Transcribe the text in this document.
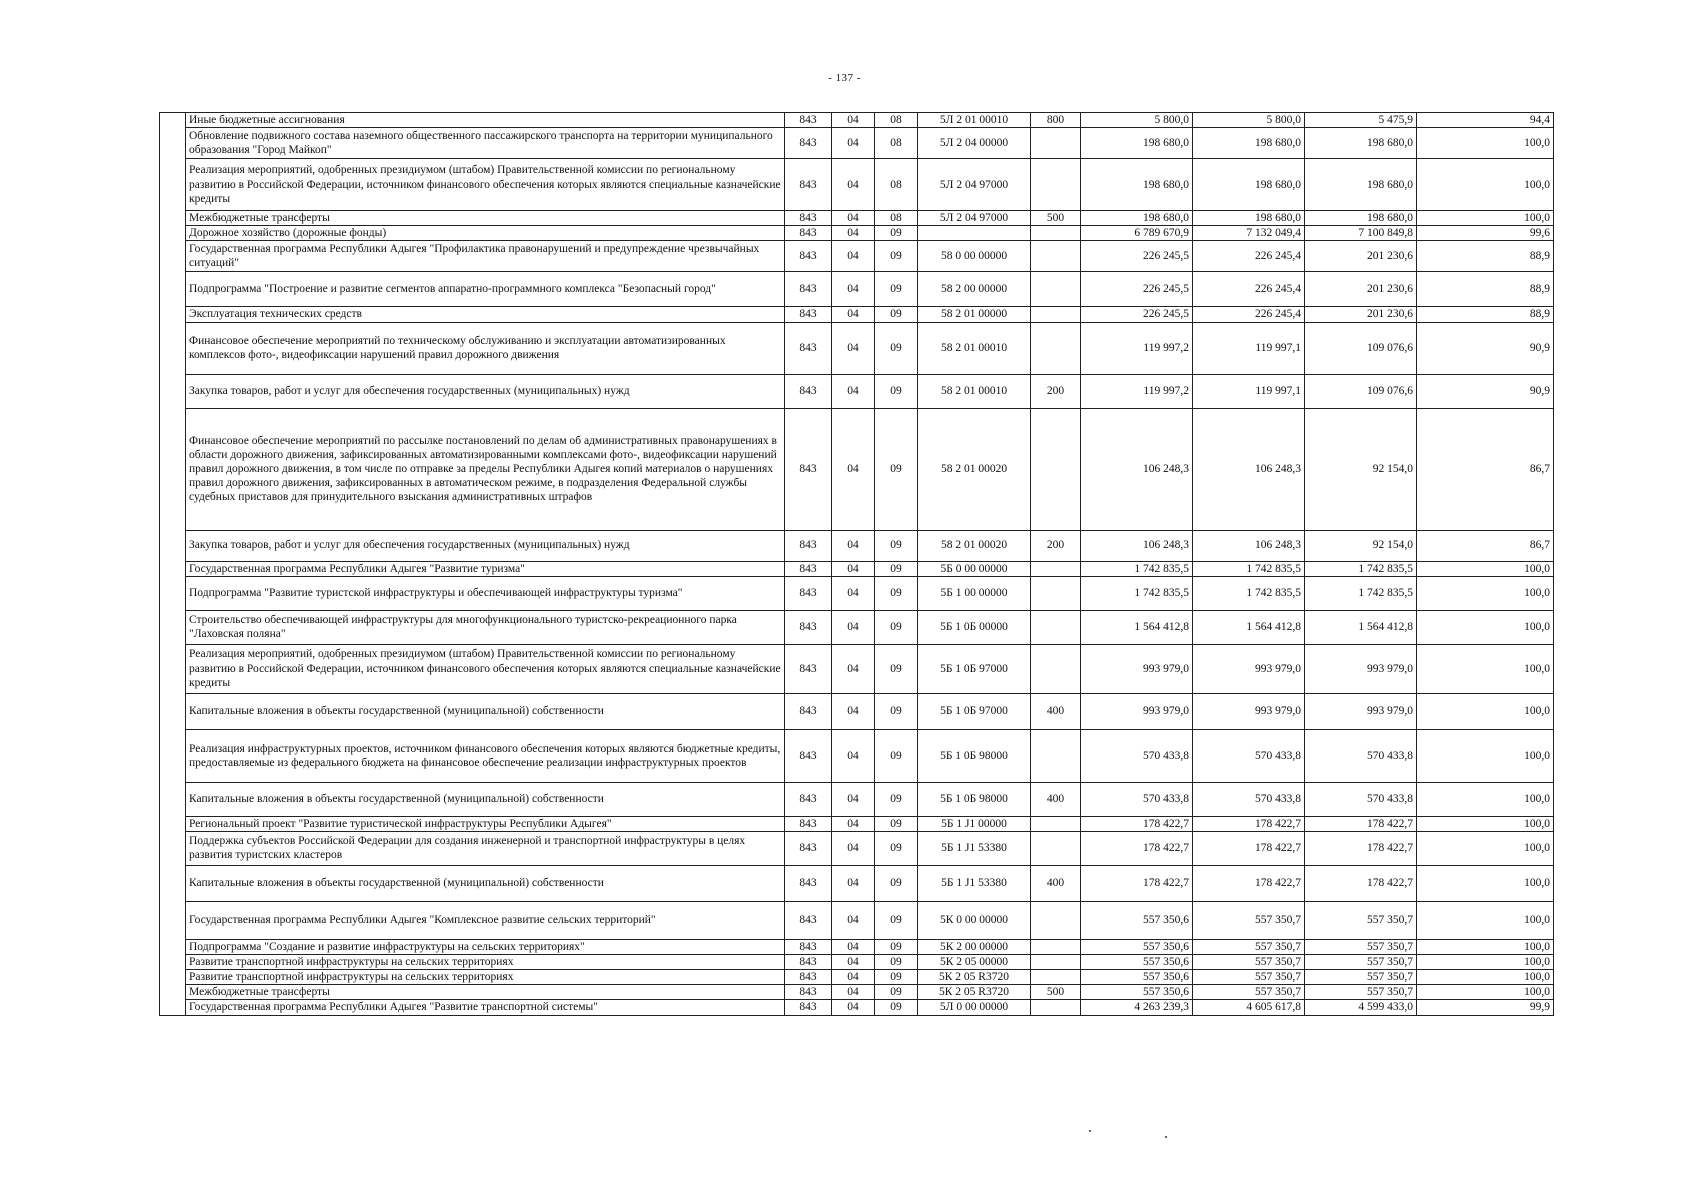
- 137 -
	Иные бюджетные ассигнования	843	04	08	5Л 2 01 00010	800	5 800,0	5 800,0	5 475,9	94,4
	Обновление подвижного состава наземного общественного пассажирского транспорта на территории муниципального образования "Город Майкоп"	843	04	08	5Л 2 04 00000		198 680,0	198 680,0	198 680,0	100,0
	Реализация мероприятий, одобренных президиумом (штабом) Правительственной комиссии по региональному развитию в Российской Федерации, источником финансового обеспечения которых являются специальные казначейские кредиты	843	04	08	5Л 2 04 97000		198 680,0	198 680,0	198 680,0	100,0
	Межбюджетные трансферты	843	04	08	5Л 2 04 97000	500	198 680,0	198 680,0	198 680,0	100,0
	Дорожное хозяйство (дорожные фонды)	843	04	09			6 789 670,9	7 132 049,4	7 100 849,8	99,6
	Государственная программа Республики Адыгея "Профилактика правонарушений и предупреждение чрезвычайных ситуаций"	843	04	09	58 0 00 00000		226 245,5	226 245,4	201 230,6	88,9
	Подпрограмма "Построение и развитие сегментов аппаратно-программного комплекса "Безопасный город"	843	04	09	58 2 00 00000		226 245,5	226 245,4	201 230,6	88,9
	Эксплуатация технических средств	843	04	09	58 2 01 00000		226 245,5	226 245,4	201 230,6	88,9
	Финансовое обеспечение мероприятий по техническому обслуживанию и эксплуатации автоматизированных комплексов фото-, видеофиксации нарушений правил дорожного движения	843	04	09	58 2 01 00010		119 997,2	119 997,1	109 076,6	90,9
	Закупка товаров, работ и услуг для обеспечения государственных (муниципальных) нужд	843	04	09	58 2 01 00010	200	119 997,2	119 997,1	109 076,6	90,9
	Финансовое обеспечение мероприятий по рассылке постановлений по делам об административных правонарушениях в области дорожного движения, зафиксированных автоматизированными комплексами фото-, видеофиксации нарушений правил дорожного движения, в том числе по отправке за пределы Республики Адыгея копий материалов о нарушениях правил дорожного движения, зафиксированных в автоматическом режиме, в подразделения Федеральной службы судебных приставов для принудительного взыскания административных штрафов	843	04	09	58 2 01 00020		106 248,3	106 248,3	92 154,0	86,7
	Закупка товаров, работ и услуг для обеспечения государственных (муниципальных) нужд	843	04	09	58 2 01 00020	200	106 248,3	106 248,3	92 154,0	86,7
	Государственная программа Республики Адыгея "Развитие туризма"	843	04	09	5Б 0 00 00000		1 742 835,5	1 742 835,5	1 742 835,5	100,0
	Подпрограмма "Развитие туристской инфраструктуры и обеспечивающей инфраструктуры туризма"	843	04	09	5Б 1 00 00000		1 742 835,5	1 742 835,5	1 742 835,5	100,0
	Строительство обеспечивающей инфраструктуры для многофункционального туристско-рекреационного парка "Лаховская поляна"	843	04	09	5Б 1 0Б 00000		1 564 412,8	1 564 412,8	1 564 412,8	100,0
	Реализация мероприятий, одобренных президиумом (штабом) Правительственной комиссии по региональному развитию в Российской Федерации, источником финансового обеспечения которых являются специальные казначейские кредиты	843	04	09	5Б 1 0Б 97000		993 979,0	993 979,0	993 979,0	100,0
	Капитальные вложения в объекты государственной (муниципальной) собственности	843	04	09	5Б 1 0Б 97000	400	993 979,0	993 979,0	993 979,0	100,0
	Реализация инфраструктурных проектов, источником финансового обеспечения которых являются бюджетные кредиты, предоставляемые из федерального бюджета на финансовое обеспечение реализации инфраструктурных проектов	843	04	09	5Б 1 0Б 98000		570 433,8	570 433,8	570 433,8	100,0
	Капитальные вложения в объекты государственной (муниципальной) собственности	843	04	09	5Б 1 0Б 98000	400	570 433,8	570 433,8	570 433,8	100,0
	Региональный проект "Развитие туристической инфраструктуры Республики Адыгея"	843	04	09	5Б 1 J1 00000		178 422,7	178 422,7	178 422,7	100,0
	Поддержка субъектов Российской Федерации для создания инженерной и транспортной инфраструктуры в целях развития туристских кластеров	843	04	09	5Б 1 J1 53380		178 422,7	178 422,7	178 422,7	100,0
	Капитальные вложения в объекты государственной (муниципальной) собственности	843	04	09	5Б 1 J1 53380	400	178 422,7	178 422,7	178 422,7	100,0
	Государственная программа Республики Адыгея "Комплексное развитие сельских территорий"	843	04	09	5К 0 00 00000		557 350,6	557 350,7	557 350,7	100,0
	Подпрограмма "Создание и развитие инфраструктуры на сельских территориях"	843	04	09	5К 2 00 00000		557 350,6	557 350,7	557 350,7	100,0
	Развитие транспортной инфраструктуры на сельских территориях	843	04	09	5К 2 05 00000		557 350,6	557 350,7	557 350,7	100,0
	Развитие транспортной инфраструктуры на сельских территориях	843	04	09	5К 2 05 R3720		557 350,6	557 350,7	557 350,7	100,0
	Межбюджетные трансферты	843	04	09	5К 2 05 R3720	500	557 350,6	557 350,7	557 350,7	100,0
	Государственная программа Республики Адыгея "Развитие транспортной системы"	843	04	09	5Л 0 00 00000		4 263 239,3	4 605 617,8	4 599 433,0	99,9
